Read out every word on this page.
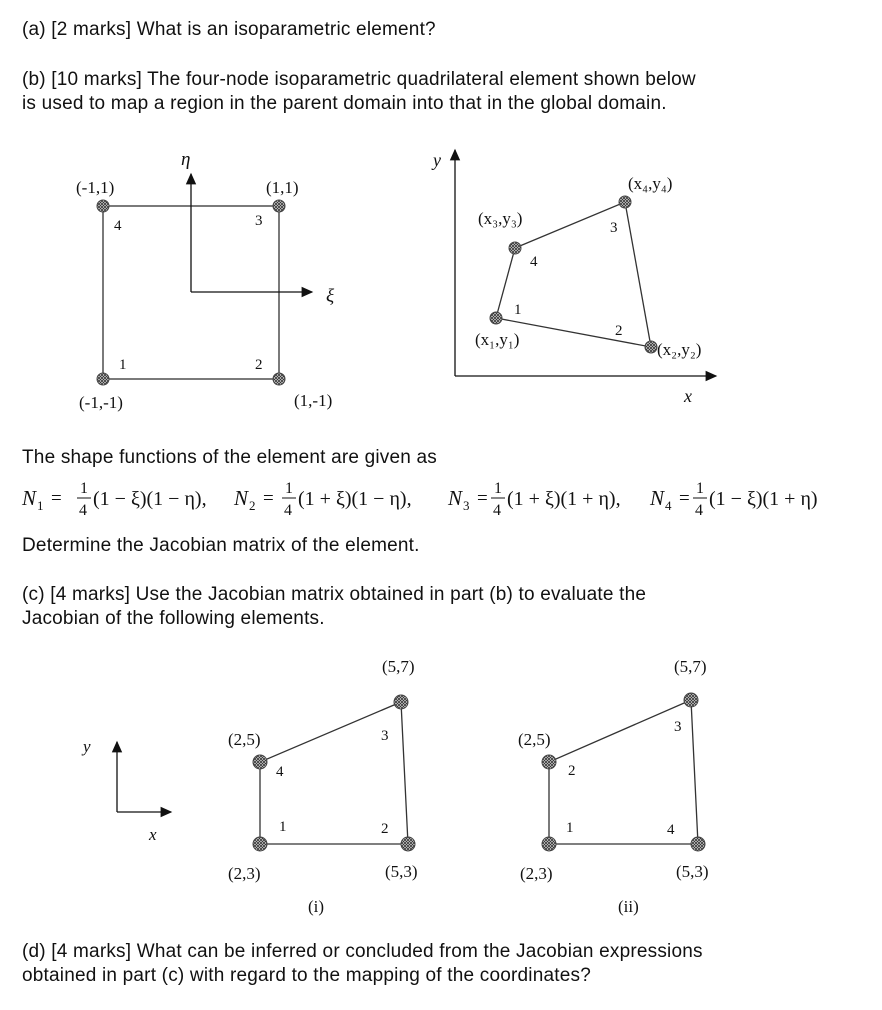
(a) [2 marks] What is an isoparametric element?
(b) [10 marks] The four-node isoparametric quadrilateral element shown below
is used to map a region in the parent domain into that in the global domain.
η
ξ
(-1,1)	(1,1)
(-1,-1)	(1,-1)
4	3
2
1
y
x
(x₁,y₁)
(x₂,y₂)
(x₃,y₃)
(x₄,y₄)
1
2
3
4
N 1 = 1
4
(1 − ξ)(1 − η), N 2 = 1
4
(1 + ξ)(1 − η), N 3 = 1
4
(1 + ξ)(1 + η), N 4 = 1
4
(1 − ξ)(1 + η)
y
x
(2,5)
(5,7)
(2,3)	(5,3)
4
3
1	2
(i)
(2,5)
(5,7)
(2,3)	(5,3)
2
3
1	4
(ii)
The shape functions of the element are given as
Determine the Jacobian matrix of the element.
(c) [4 marks] Use the Jacobian matrix obtained in part (b) to evaluate the
Jacobian of the following elements.
(d) [4 marks] What can be inferred or concluded from the Jacobian expressions
obtained in part (c) with regard to the mapping of the coordinates?
